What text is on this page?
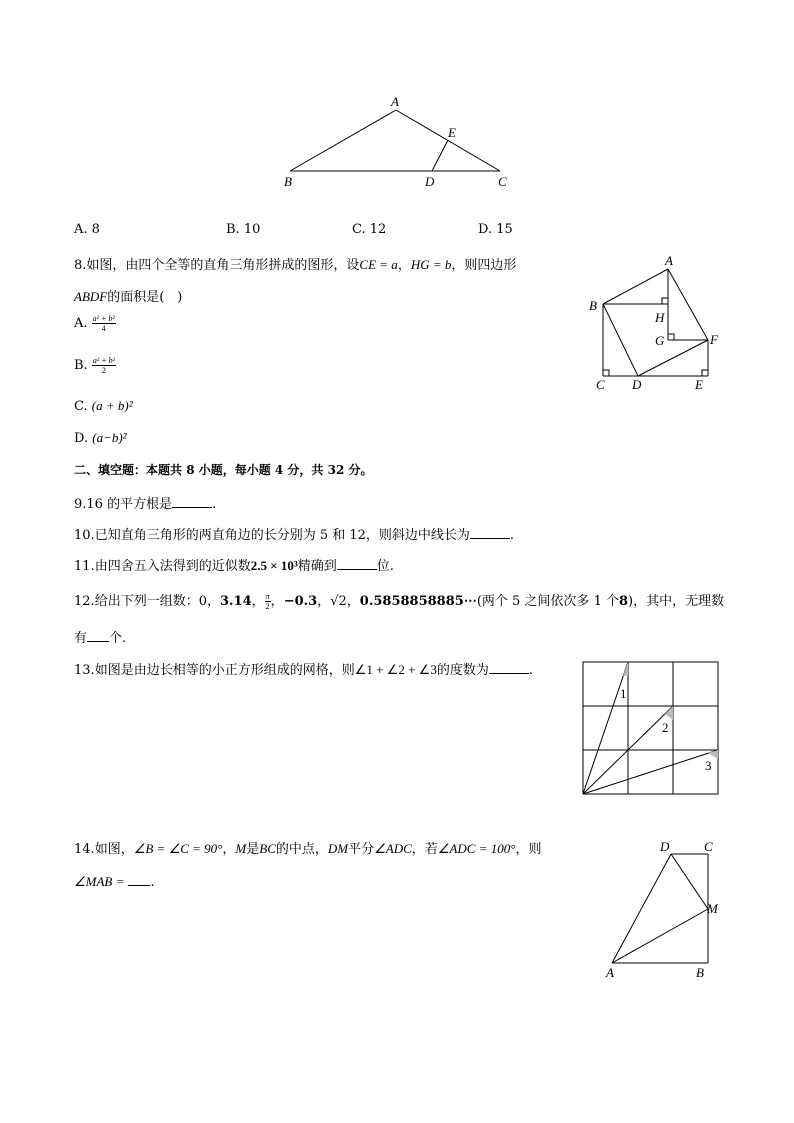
A
E
B	D	C
A. 8	B. 10	C. 12	D. 15
8.如图，由四个全等的直角三角形拼成的图形，设CE = a，HG = b，则四边形
ABDF的面积是(　)
A. $\frac{\text{a² + b²}}{4}$
B. $\frac{\text{a² + b²}}{2}$
C. (a + b)²
D. (a−b)²
A
B
H
G	F
C D	E
二、填空题：本题共 8 小题，每小题 4 分，共 32 分。
9.16 的平方根是	.
10.已知直角三角形的两直角边的长分别为 5 和 12，则斜边中线长为	.
11.由四舍五入法得到的近似数2.5 × 10³精确到	位.
12.给出下列一组数：0，3.14， $\frac{\pi}{2}$ ，−0.3，√2，0.5858858885⋯(两个 5 之间依次多 1 个8)，其中，无理数
有 个.
13.如图是由边长相等的小正方形组成的网格，则∠1 + ∠2 + ∠3的度数为	.
1
2
3
14.如图，∠B = ∠C = 90°，M是BC的中点，DM平分∠ADC，若∠ADC = 100°，则
∠MAB = .
D	C
M
A	B
